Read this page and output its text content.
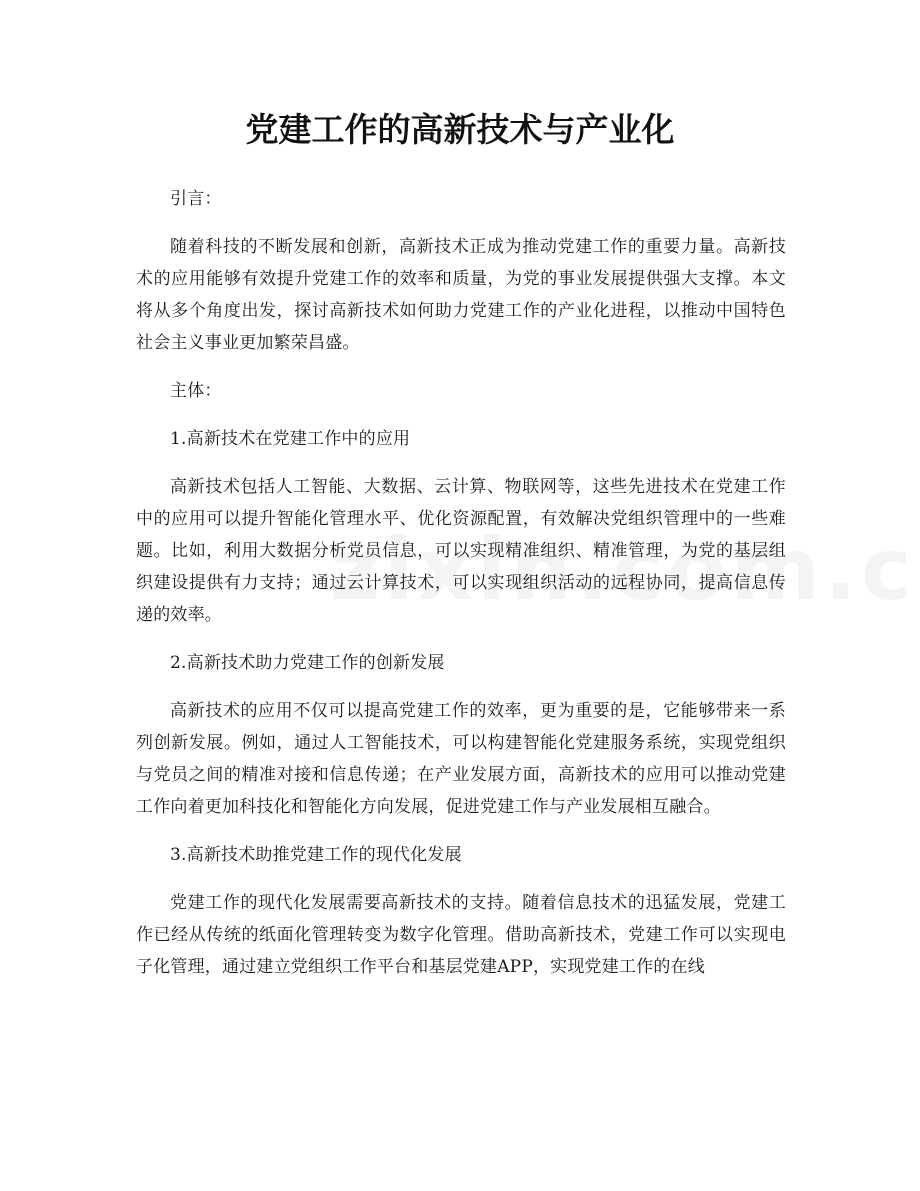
党建工作的高新技术与产业化

引言：

随着科技的不断发展和创新，高新技术正成为推动党建工作的重要力量。高新技术的应用能够有效提升党建工作的效率和质量，为党的事业发展提供强大支撑。本文将从多个角度出发，探讨高新技术如何助力党建工作的产业化进程，以推动中国特色社会主义事业更加繁荣昌盛。

主体：

1.高新技术在党建工作中的应用

高新技术包括人工智能、大数据、云计算、物联网等，这些先进技术在党建工作中的应用可以提升智能化管理水平、优化资源配置，有效解决党组织管理中的一些难题。比如，利用大数据分析党员信息，可以实现精准组织、精准管理，为党的基层组织建设提供有力支持；通过云计算技术，可以实现组织活动的远程协同，提高信息传递的效率。

2.高新技术助力党建工作的创新发展

高新技术的应用不仅可以提高党建工作的效率，更为重要的是，它能够带来一系列创新发展。例如，通过人工智能技术，可以构建智能化党建服务系统，实现党组织与党员之间的精准对接和信息传递；在产业发展方面，高新技术的应用可以推动党建工作向着更加科技化和智能化方向发展，促进党建工作与产业发展相互融合。

3.高新技术助推党建工作的现代化发展

党建工作的现代化发展需要高新技术的支持。随着信息技术的迅猛发展，党建工作已经从传统的纸面化管理转变为数字化管理。借助高新技术，党建工作可以实现电子化管理，通过建立党组织工作平台和基层党建APP，实现党建工作的在线
